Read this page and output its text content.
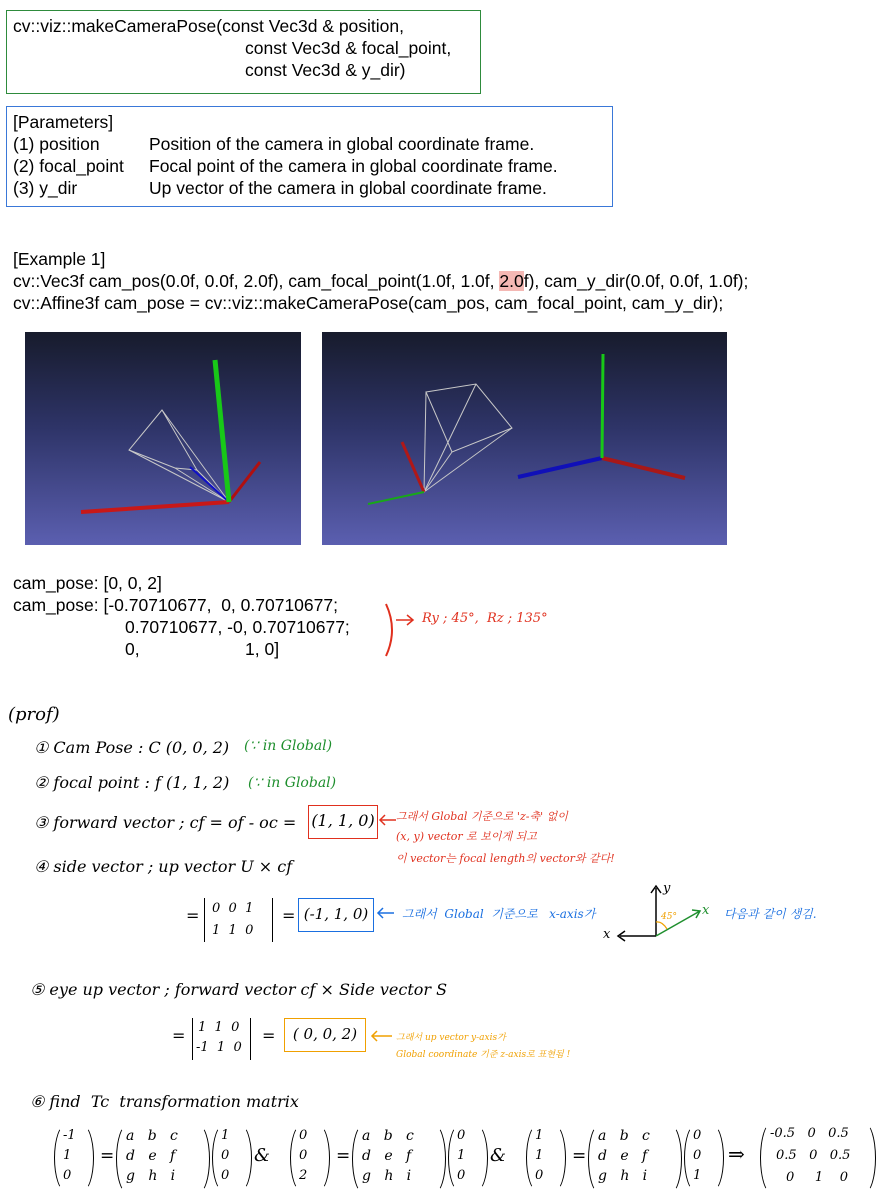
cv::viz::makeCameraPose(const Vec3d & position,
const Vec3d & focal_point,
const Vec3d & y_dir)
[Parameters]
(1) position	Position of the camera in global coordinate frame.
(2) focal_point	Focal point of the camera in global coordinate frame.
(3) y_dir	Up vector of the camera in global coordinate frame.
[Example 1]
cv::Vec3f cam_pos(0.0f, 0.0f, 2.0f), cam_focal_point(1.0f, 1.0f, 2.0f), cam_y_dir(0.0f, 0.0f, 1.0f);
cv::Affine3f cam_pose = cv::viz::makeCameraPose(cam_pos, cam_focal_point, cam_y_dir);
cam_pose: [0, 0, 2]
cam_pose: [-0.70710677,  0, 0.70710677;
0.70710677, -0, 0.70710677;
0,	1, 0]
Ry ; 45°,  Rz ; 135°
(prof)
① Cam Pose : C (0, 0, 2) (∵ in Global)
② focal point : f (1, 1, 2) (∵ in Global)
③ forward vector ; cf = of - oc = (1, 1, 0)	그래서 Global 기준으로 'z-축' 없이
(x, y) vector 로 보이게 되고
이 vector는 focal length의 vector와 같다!
④ side vector ; up vector U × cf
= 0  0  1
1  1  0
= (-1, 1, 0)	그래서  Global  기준으로   x-axis가	45°
y
x
x 다음과 같이 생김.
⑤ eye up vector ; forward vector cf × Side vector S
= 1  1  0
-1  1  0
=	( 0, 0, 2)	그래서 up vector y-axis가
Global coordinate 기준 z-axis로 표현됨 !
⑥ find  Tc  transformation matrix
-1
1
0
=
a   b   c
d   e   f
g   h   i
1
0
0
&
0
0
2
=
a   b   c
d   e   f
g   h   i
0
1
0
&
1
1
0
=
a   b   c
d   e   f
g   h   i
0
0
1
⇒
-0.5   0   0.5
0.5   0   0.5
0     1    0
